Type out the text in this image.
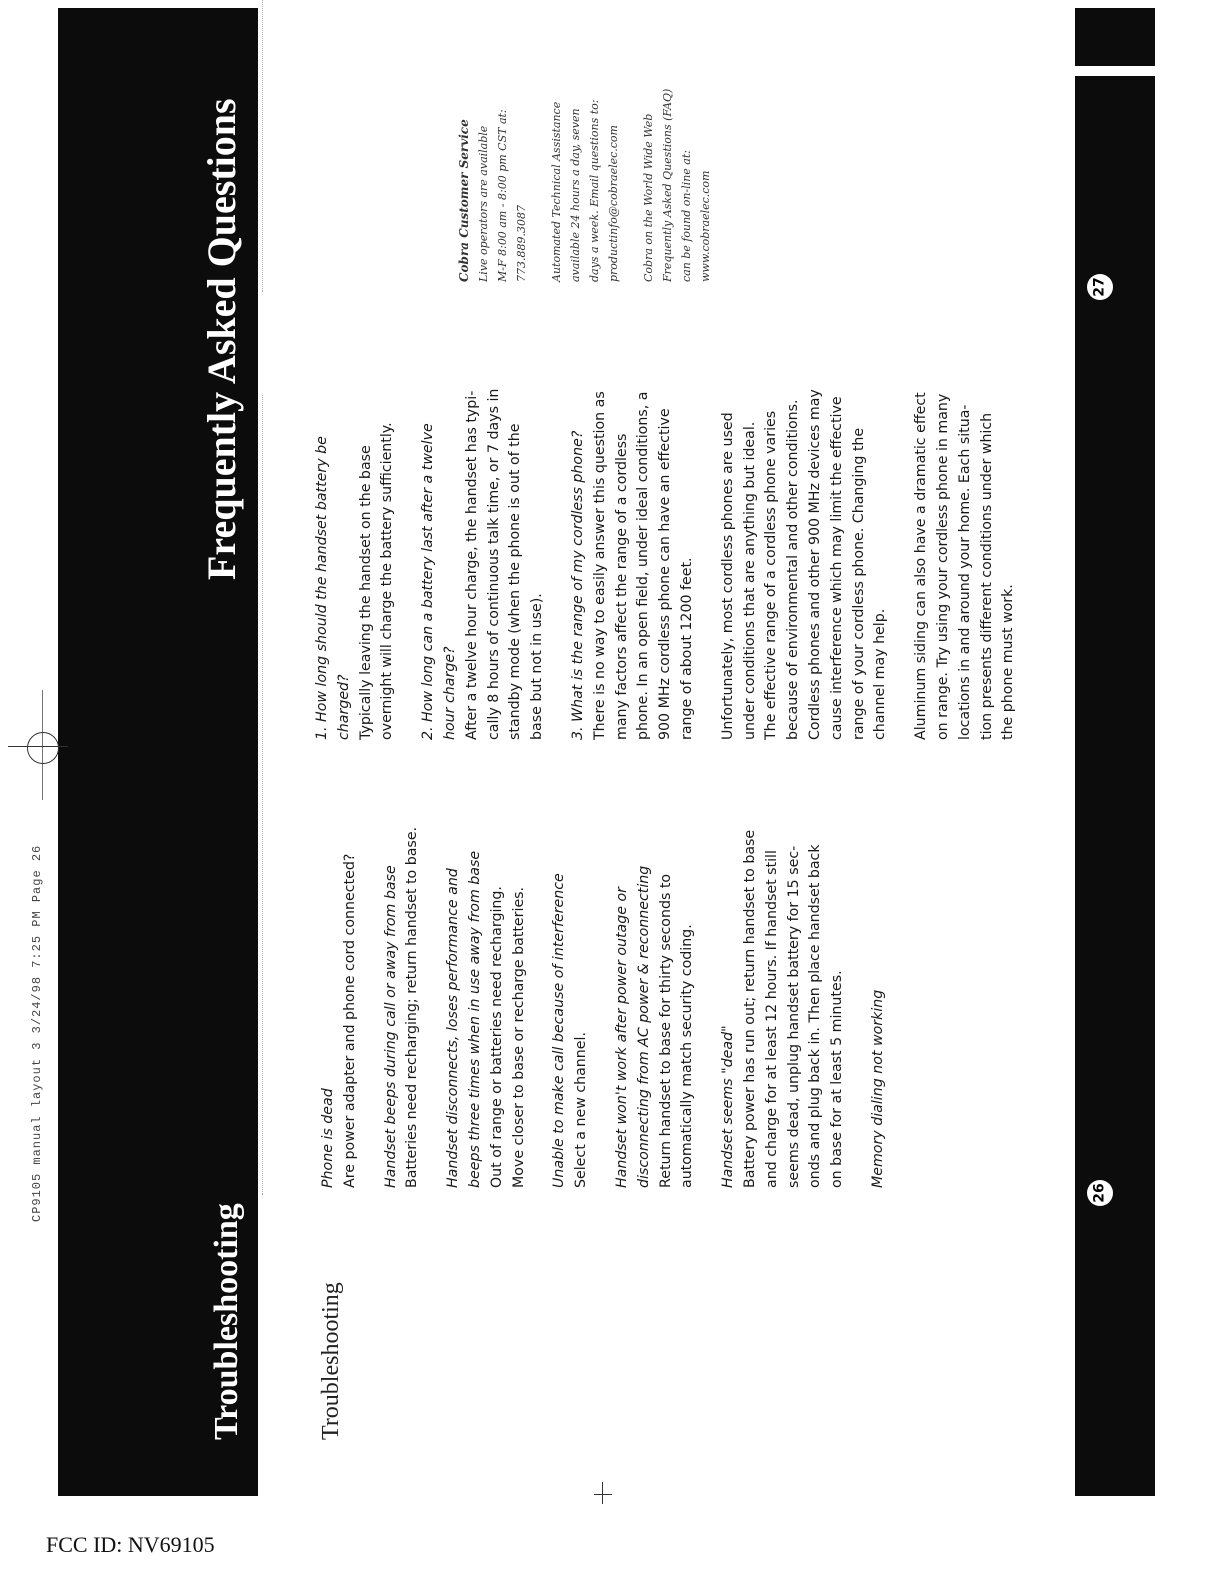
CP9105 manual layout 3 3/24/98 7:25 PM Page 26
Troubleshooting
Frequently Asked Questions
Troubleshooting
26
27
Phone is dead Are power adapter and phone cord connected? Handset beeps during call or away from base Batteries need recharging; return handset to base. Handset disconnects, loses performance and beeps three times when in use away from base Out of range or batteries need recharging. Move closer to base or recharge batteries. Unable to make call because of interference Select a new channel. Handset won't work after power outage or disconnecting from AC power & reconnecting Return handset to base for thirty seconds to automatically match security coding. Handset seems "dead" Battery power has run out; return handset to base and charge for at least 12 hours. If handset still seems dead, unplug handset battery for 15 sec- onds and plug back in. Then place handset back on base for at least 5 minutes. Memory dialing not working
1. How long should the handset battery be charged? Typically leaving the handset on the base overnight will charge the battery sufficiently. 2. How long can a battery last after a twelve hour charge? After a twelve hour charge, the handset has typi- cally 8 hours of continuous talk time, or 7 days in standby mode (when the phone is out of the base but not in use). 3. What is the range of my cordless phone? There is no way to easily answer this question as many factors affect the range of a cordless phone. In an open field, under ideal conditions, a 900 MHz cordless phone can have an effective range of about 1200 feet. Unfortunately, most cordless phones are used under conditions that are anything but ideal. The effective range of a cordless phone varies because of environmental and other conditions. Cordless phones and other 900 MHz devices may cause interference which may limit the effective range of your cordless phone. Changing the channel may help. Aluminum siding can also have a dramatic effect on range. Try using your cordless phone in many locations in and around your home. Each situa- tion presents different conditions under which the phone must work.
Cobra Customer Service Live operators are available M-F 8:00 am - 8:00 pm CST at: 773.889.3087 Automated Technical Assistance available 24 hours a day, seven days a week. Email questions to: productinfo@cobraelec.com Cobra on the World Wide Web Frequently Asked Questions (FAQ) can be found on-line at: www.cobraelec.com
FCC ID: NV69105
